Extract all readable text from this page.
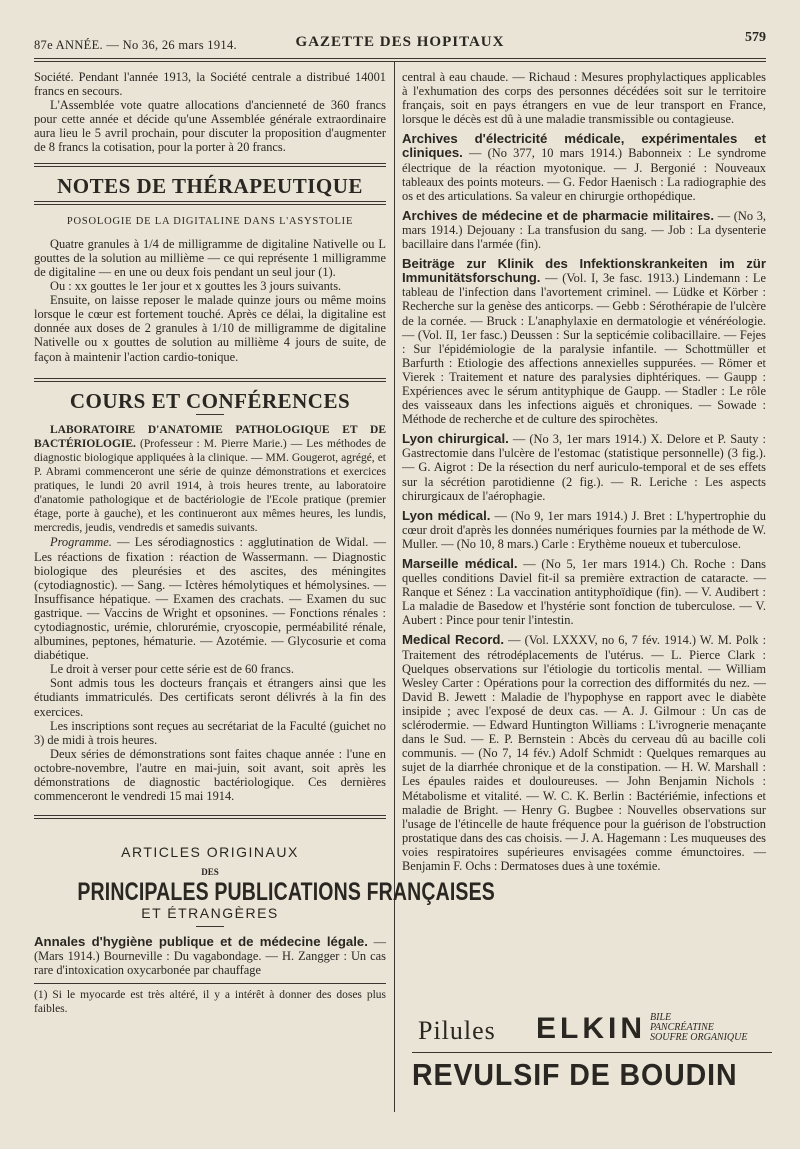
87e ANNÉE. — No 36, 26 mars 1914.	GAZETTE DES HOPITAUX	579

Société. Pendant l'année 1913, la Société centrale a distribué 14001 francs en secours.

L'Assemblée vote quatre allocations d'ancienneté de 360 francs pour cette année et décide qu'une Assemblée générale extraordinaire aura lieu le 5 avril prochain, pour discuter la proposition d'augmenter de 8 francs la cotisation, pour la porter à 20 francs.

NOTES DE THÉRAPEUTIQUE
POSOLOGIE DE LA DIGITALINE DANS L'ASYSTOLIE

Quatre granules à 1/4 de milligramme de digitaline Nativelle ou L gouttes de la solution au millième — ce qui représente 1 milligramme de digitaline — en une ou deux fois pendant un seul jour (1).

Ou : xx gouttes le 1er jour et x gouttes les 3 jours suivants.

Ensuite, on laisse reposer le malade quinze jours ou même moins lorsque le cœur est fortement touché. Après ce délai, la digitaline est donnée aux doses de 2 granules à 1/10 de milligramme de digitaline Nativelle ou x gouttes de solution au millième 4 jours de suite, de façon à maintenir l'action cardio-tonique.

COURS ET CONFÉRENCES

LABORATOIRE D'ANATOMIE PATHOLOGIQUE ET DE BACTÉRIOLOGIE. (Professeur : M. Pierre Marie.) — Les méthodes de diagnostic biologique appliquées à la clinique. — MM. Gougerot, agrégé, et P. Abrami commenceront une série de quinze démonstrations et exercices pratiques, le lundi 20 avril 1914, à trois heures trente, au laboratoire d'anatomie pathologique et de bactériologie de l'Ecole pratique (premier étage, porte à gauche), et les continueront aux mêmes heures, les lundis, mercredis, jeudis, vendredis et samedis suivants.

Programme. — Les sérodiagnostics : agglutination de Widal. — Les réactions de fixation : réaction de Wassermann. — Diagnostic biologique des pleurésies et des ascites, des méningites (cytodiagnostic). — Sang. — Ictères hémolytiques et hémolysines. — Insuffisance hépatique. — Examen des crachats. — Examen du suc gastrique. — Vaccins de Wright et opsonines. — Fonctions rénales : cytodiagnostic, urémie, chlorurémie, cryoscopie, perméabilité rénale, albumines, peptones, hématurie. — Azotémie. — Glycosurie et coma diabétique.

Le droit à verser pour cette série est de 60 francs.

Sont admis tous les docteurs français et étrangers ainsi que les étudiants immatriculés. Des certificats seront délivrés à la fin des exercices.

Les inscriptions sont reçues au secrétariat de la Faculté (guichet no 3) de midi à trois heures.

Deux séries de démonstrations sont faites chaque année : l'une en octobre-novembre, l'autre en mai-juin, soit avant, soit après les démonstrations de diagnostic bactériologique. Ces dernières commenceront le vendredi 15 mai 1914.

ARTICLES ORIGINAUX
DES
PRINCIPALES PUBLICATIONS FRANÇAISES
ET ÉTRANGÈRES

Annales d'hygiène publique et de médecine légale. — (Mars 1914.) Bourneville : Du vagabondage. — H. Zangger : Un cas rare d'intoxication oxycarbonée par chauffage

(1) Si le myocarde est très altéré, il y a intérêt à donner des doses plus faibles.

central à eau chaude. — Richaud : Mesures prophylactiques applicables à l'exhumation des corps des personnes décédées soit sur le territoire français, soit en pays étrangers en vue de leur transport en France, lorsque le décès est dû à une maladie transmissible ou contagieuse.

Archives d'électricité médicale, expérimentales et cliniques. — (No 377, 10 mars 1914.) Babonneix : Le syndrome électrique de la réaction myotonique. — J. Bergonié : Nouveaux tableaux des points moteurs. — G. Fedor Haenisch : La radiographie des os et des articulations. Sa valeur en chirurgie orthopédique.

Archives de médecine et de pharmacie militaires. — (No 3, mars 1914.) Dejouany : La transfusion du sang. — Job : La dysenterie bacillaire dans l'armée (fin).

Beiträge zur Klinik des Infektionskrankeiten im zür Immunitätsforschung. — (Vol. I, 3e fasc. 1913.) Lindemann : Le tableau de l'infection dans l'avortement criminel. — Lüdke et Körber : Recherche sur la genèse des anticorps. — Gebb : Sérothérapie de l'ulcère de la cornée. — Bruck : L'anaphylaxie en dermatologie et vénéréologie. — (Vol. II, 1er fasc.) Deussen : Sur la septicémie colibacillaire. — Fejes : Sur l'épidémiologie de la paralysie infantile. — Schottmüller et Barfurth : Etiologie des affections annexielles suppurées. — Römer et Vierek : Traitement et nature des paralysies diphtériques. — Gaupp : Expériences avec le sérum antityphique de Gaupp. — Stadler : Le rôle des vaisseaux dans les infections aiguës et chroniques. — Sowade : Méthode de recherche et de culture des spirochètes.

Lyon chirurgical. — (No 3, 1er mars 1914.) X. Delore et P. Sauty : Gastrectomie dans l'ulcère de l'estomac (statistique personnelle) (3 fig.). — G. Aigrot : De la résection du nerf auriculo-temporal et de ses effets sur la sécrétion parotidienne (2 fig.). — R. Leriche : Les aspects chirurgicaux de l'aérophagie.

Lyon médical. — (No 9, 1er mars 1914.) J. Bret : L'hypertrophie du cœur droit d'après les données numériques fournies par la méthode de W. Muller. — (No 10, 8 mars.) Carle : Erythème noueux et tuberculose.

Marseille médical. — (No 5, 1er mars 1914.) Ch. Roche : Dans quelles conditions Daviel fit-il sa première extraction de cataracte. — Ranque et Sénez : La vaccination antityphoïdique (fin). — V. Audibert : La maladie de Basedow et l'hystérie sont fonction de tuberculose. — V. Aubert : Pince pour tenir l'intestin.

Medical Record. — (Vol. LXXXV, no 6, 7 fév. 1914.) W. M. Polk : Traitement des rétrodéplacements de l'utérus. — L. Pierce Clark : Quelques observations sur l'étiologie du torticolis mental. — William Wesley Carter : Opérations pour la correction des difformités du nez. — David B. Jewett : Maladie de l'hypophyse en rapport avec le diabète insipide ; avec l'exposé de deux cas. — A. J. Gilmour : Un cas de sclérodermie. — Edward Huntington Williams : L'ivrognerie menaçante dans le Sud. — E. P. Bernstein : Abcès du cerveau dû au bacille coli communis. — (No 7, 14 fév.) Adolf Schmidt : Quelques remarques au sujet de la diarrhée chronique et de la constipation. — H. W. Marshall : Les épaules raides et douloureuses. — John Benjamin Nichols : Métabolisme et vitalité. — W. C. K. Berlin : Bactériémie, infections et maladie de Bright. — Henry G. Bugbee : Nouvelles observations sur l'usage de l'étincelle de haute fréquence pour la guérison de l'obstruction prostatique dans des cas choisis. — J. A. Hagemann : Les muqueuses des voies respiratoires supérieures envisagées comme émunctoires. — Benjamin F. Ochs : Dermatoses dues à une toxémie.

Pilules ELKIN BILE
PANCRÉATINE
SOUFRE ORGANIQUE
REVULSIF DE BOUDIN
